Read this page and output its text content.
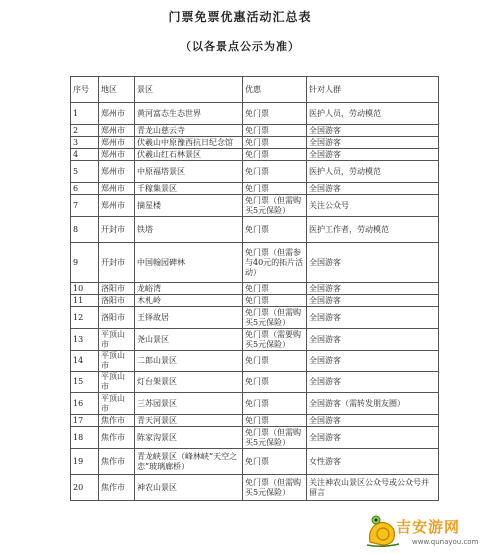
门票免票优惠活动汇总表
（以各景点公示为准）
序号	地区	景区	优惠	针对人群
1	郑州市	黄河富态生态世界	免门票	医护人员，劳动模范
2	郑州市	青龙山慈云寺	免门票	全国游客
3	郑州市	伏羲山中原豫西抗日纪念馆	免门票	全国游客
4	郑州市	伏羲山红石林景区	免门票	全国游客
5	郑州市	中原福塔景区	免门票	医护人员，劳动模范
6	郑州市	千稼集景区	免门票	全国游客
7	郑州市	摘星楼	免门票（但需购买5元保险）	关注公众号
8	开封市	铁塔	免门票	医护工作者，劳动模范
9	开封市	中国翰园碑林	免门票（但需参与40元的拓片活动）	全国游客
10	洛阳市	龙峪湾	免门票	全国游客
11	洛阳市	木札岭	免门票	全国游客
12	洛阳市	王铎故居	免门票（但需购买5元保险）	全国游客
13	平顶山市	尧山景区	免门票（需要购买5元保险）	全国游客
14	平顶山市	二郎山景区	免门票	全国游客
15	平顶山市	灯台架景区	免门票	全国游客
16	平顶山市	三苏园景区	免门票	全国游客（需转发朋友圈）
17	焦作市	青天河景区	免门票	全国游客
18	焦作市	陈家沟景区	免门票（但需购买5元保险）	全国游客
19	焦作市	青龙峡景区（峰林峡“天空之恋”玻璃廊桥）	免门票	女性游客
20	焦作市	神农山景区	免门票（但需购买5元保险）	关注神农山景区公众号或公众号并留言
吉安游网
www.qunayou.com
